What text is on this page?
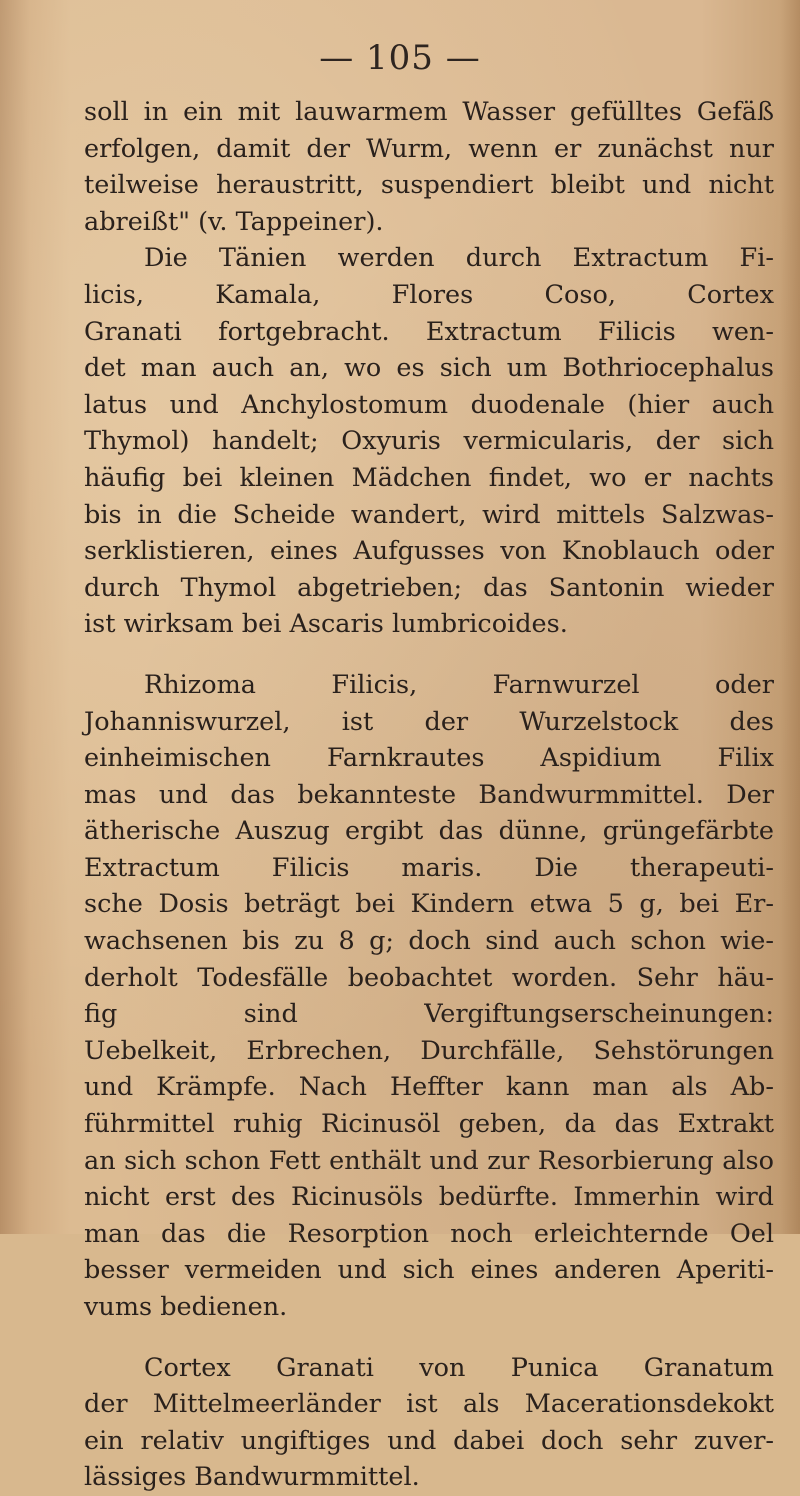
— 105 —
soll in ein mit lauwarmem Wasser gefülltes Gefäß
erfolgen, damit der Wurm, wenn er zunächst nur
teilweise heraustritt, suspendiert bleibt und nicht
abreißt" (v. Tappeiner).
Die Tänien werden durch Extractum Fi-
licis, Kamala, Flores Coso, Cortex
Granati fortgebracht. Extractum Filicis wen-
det man auch an, wo es sich um Bothriocephalus
latus und Anchylostomum duodenale (hier auch
Thymol) handelt; Oxyuris vermicularis, der sich
häufig bei kleinen Mädchen findet, wo er nachts
bis in die Scheide wandert, wird mittels Salzwas-
serklistieren, eines Aufgusses von Knoblauch oder
durch Thymol abgetrieben; das Santonin wieder
ist wirksam bei Ascaris lumbricoides.
Rhizoma Filicis, Farnwurzel oder
Johanniswurzel, ist der Wurzelstock des
einheimischen Farnkrautes Aspidium Filix
mas und das bekannteste Bandwurmmittel. Der
ätherische Auszug ergibt das dünne, grüngefärbte
Extractum Filicis maris. Die therapeuti-
sche Dosis beträgt bei Kindern etwa 5 g, bei Er-
wachsenen bis zu 8 g; doch sind auch schon wie-
derholt Todesfälle beobachtet worden. Sehr häu-
fig sind Vergiftungserscheinungen:
Uebelkeit, Erbrechen, Durchfälle, Sehstörungen
und Krämpfe. Nach Heffter kann man als Ab-
führmittel ruhig Ricinusöl geben, da das Extrakt
an sich schon Fett enthält und zur Resorbierung also
nicht erst des Ricinusöls bedürfte. Immerhin wird
man das die Resorption noch erleichternde Oel
besser vermeiden und sich eines anderen Aperiti-
vums bedienen.
Cortex Granati von Punica Granatum
der Mittelmeerländer ist als Macerationsdekokt
ein relativ ungiftiges und dabei doch sehr zuver-
lässiges Bandwurmmittel.
